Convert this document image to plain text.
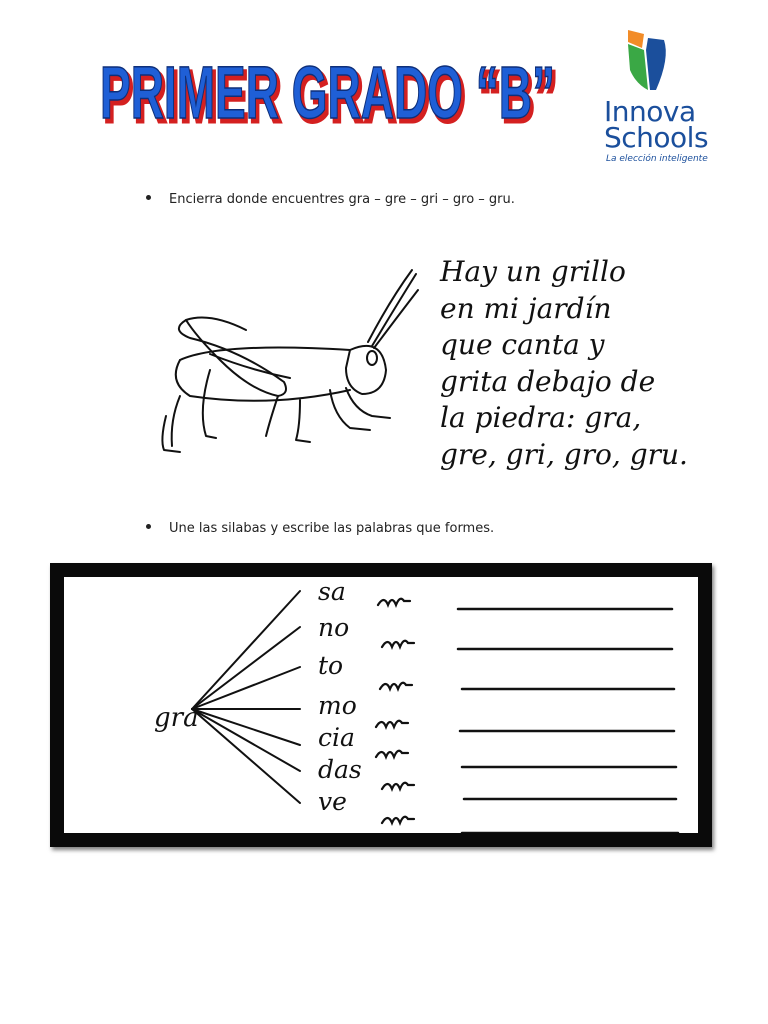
PRIMER GRADO “B”
PRIMER GRADO “B” Innova
Schools
La elección inteligente
Encierra donde encuentres gra – gre – gri – gro – gru.
Hay un grillo
en mi jardín
que canta y
grita debajo de
la piedra: gra,
gre, gri, gro, gru.
Une las silabas y escribe las palabras que formes.
gra
sa
no
to
mo
cia
das
ve
